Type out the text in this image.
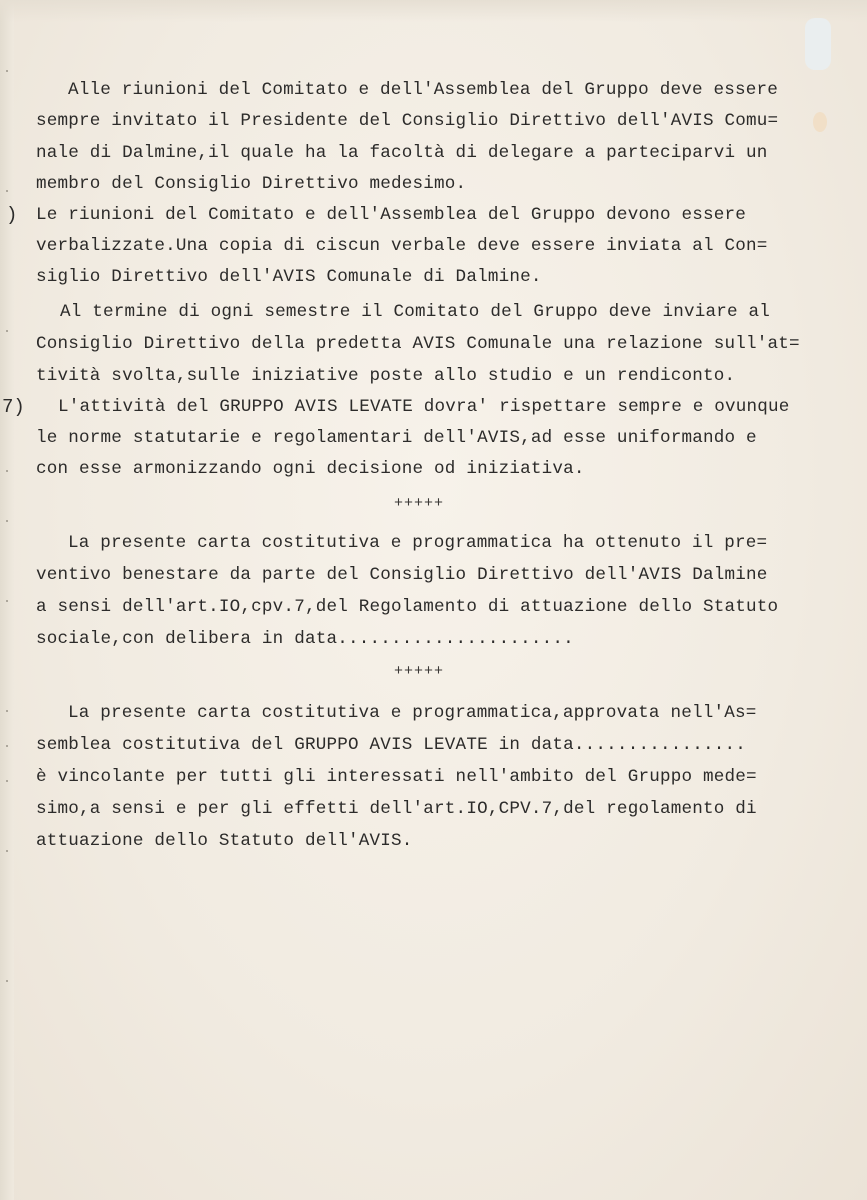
Alle riunioni del Comitato e dell'Assemblea del Gruppo deve essere
sempre invitato il Presidente del Consiglio Direttivo dell'AVIS Comu=
nale di Dalmine,il quale ha la facoltà di delegare a parteciparvi un
membro del Consiglio Direttivo medesimo.
) Le riunioni del Comitato e dell'Assemblea del Gruppo devono essere
verbalizzate.Una copia di ciscun verbale deve essere inviata al Con=
siglio Direttivo dell'AVIS Comunale di Dalmine.
Al termine di ogni semestre il Comitato del Gruppo deve inviare al
Consiglio Direttivo della predetta AVIS Comunale una relazione sull'at=
tività svolta,sulle iniziative poste allo studio e un rendiconto.
7) L'attività del GRUPPO AVIS LEVATE dovra' rispettare sempre e ovunque
le norme statutarie e regolamentari dell'AVIS,ad esse uniformando e
con esse armonizzando ogni decisione od iniziativa.
+++++
La presente carta costitutiva e programmatica ha ottenuto il pre=
ventivo benestare da parte del Consiglio Direttivo dell'AVIS Dalmine
a sensi dell'art.IO,cpv.7,del Regolamento di attuazione dello Statuto
sociale,con delibera in data......................
+++++
La presente carta costitutiva e programmatica,approvata nell'As=
semblea costitutiva del GRUPPO AVIS LEVATE in data................
è vincolante per tutti gli interessati nell'ambito del Gruppo mede=
simo,a sensi e per gli effetti dell'art.IO,CPV.7,del regolamento di
attuazione dello Statuto dell'AVIS.
